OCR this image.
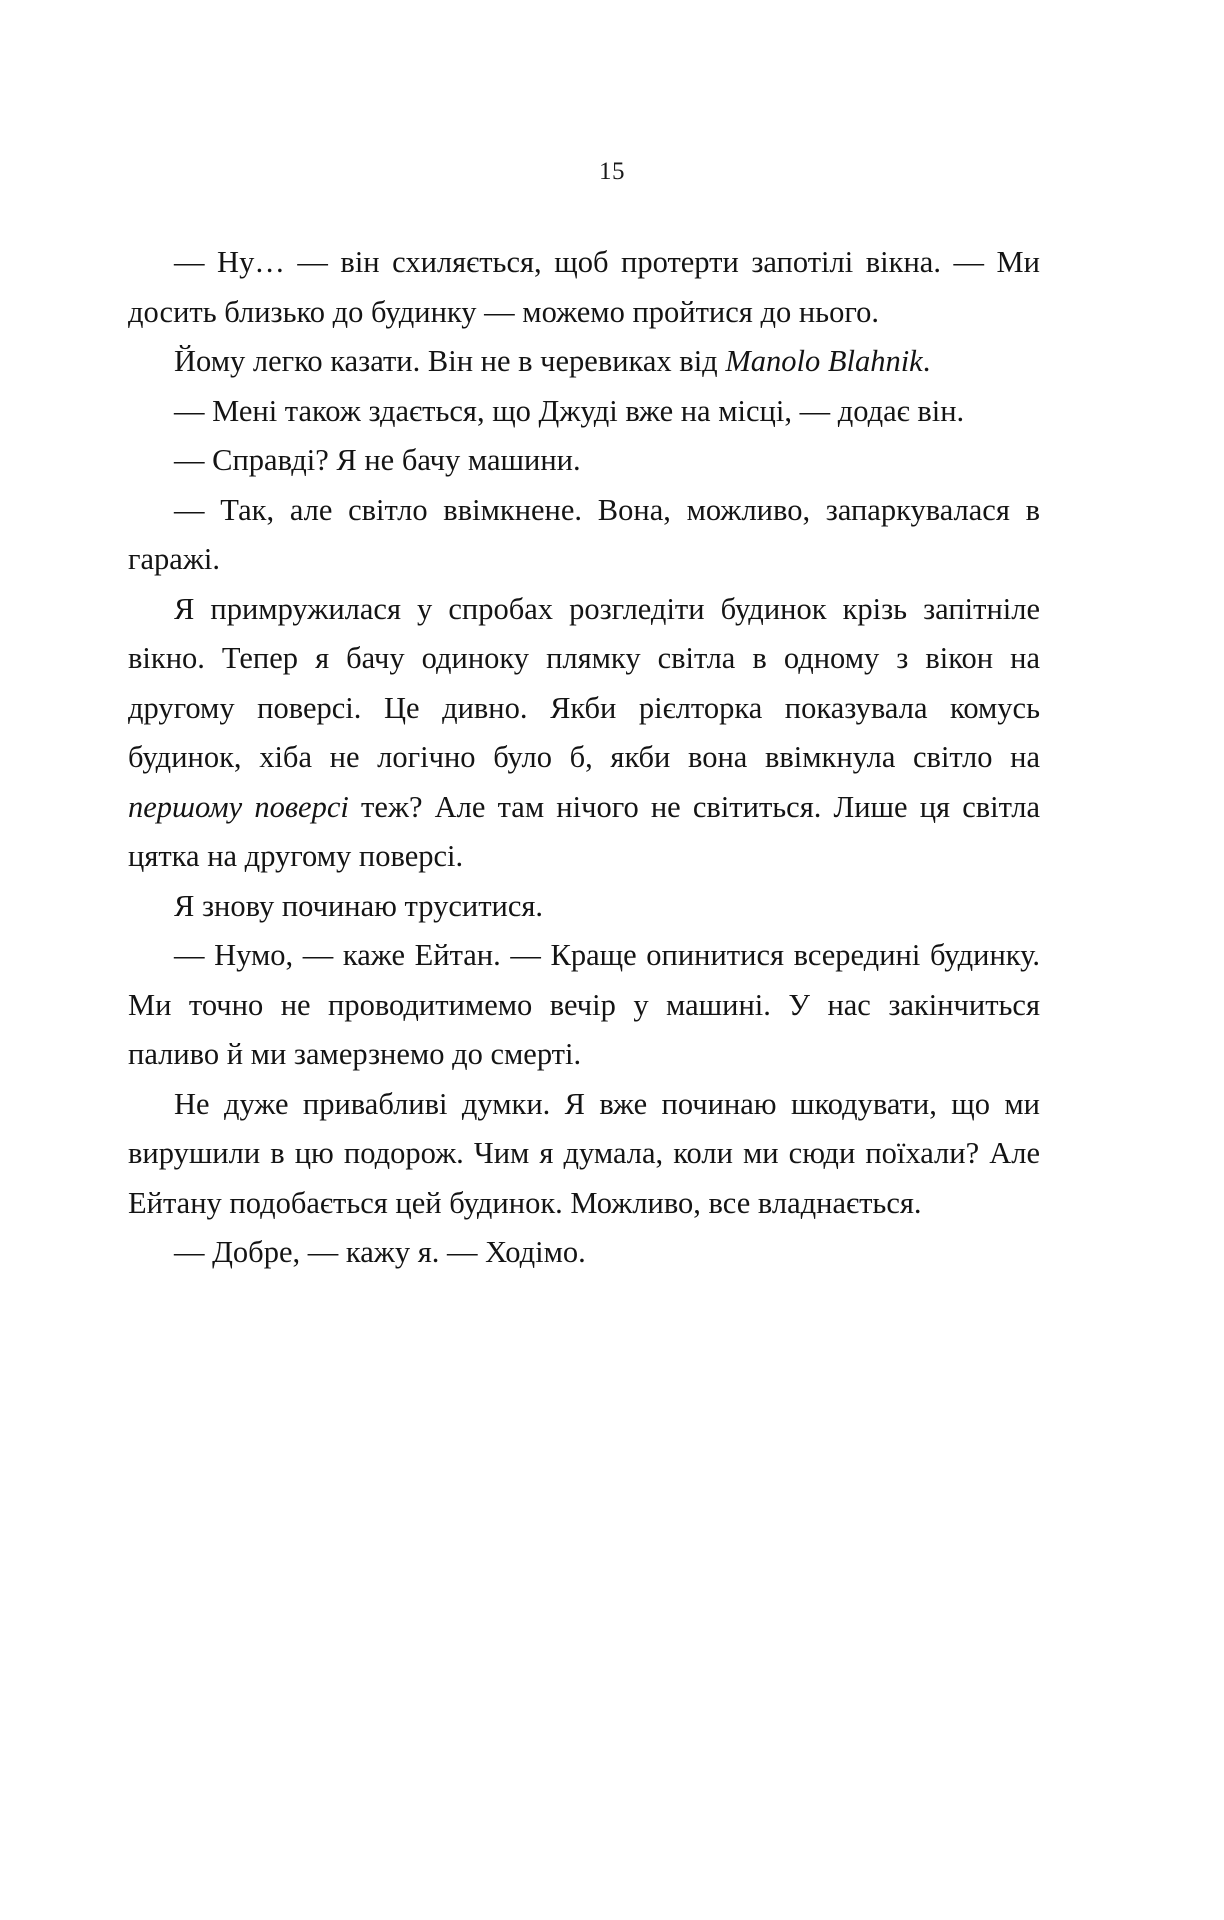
15

— Ну… — він схиляється, щоб протерти запотілі вікна. — Ми досить близько до будинку — можемо пройтися до нього.

Йому легко казати. Він не в черевиках від Manolo Blahnik.

— Мені також здається, що Джуді вже на місці, — додає він.

— Справді? Я не бачу машини.

— Так, але світло ввімкнене. Вона, можливо, запаркувалася в гаражі.

Я примружилася у спробах розгледіти будинок крізь запітніле вікно. Тепер я бачу одиноку плямку світла в одному з вікон на другому поверсі. Це дивно. Якби рієлторка показувала комусь будинок, хіба не логічно було б, якби вона ввімкнула світло на першому поверсі теж? Але там нічого не світиться. Лише ця світла цятка на другому поверсі.

Я знову починаю труситися.

— Нумо, — каже Ейтан. — Краще опинитися всередині будинку. Ми точно не проводитимемо вечір у машині. У нас закінчиться паливо й ми замерзнемо до смерті.

Не дуже привабливі думки. Я вже починаю шкодувати, що ми вирушили в цю подорож. Чим я думала, коли ми сюди поїхали? Але Ейтану подобається цей будинок. Можливо, все владнається.

— Добре, — кажу я. — Ходімо.
